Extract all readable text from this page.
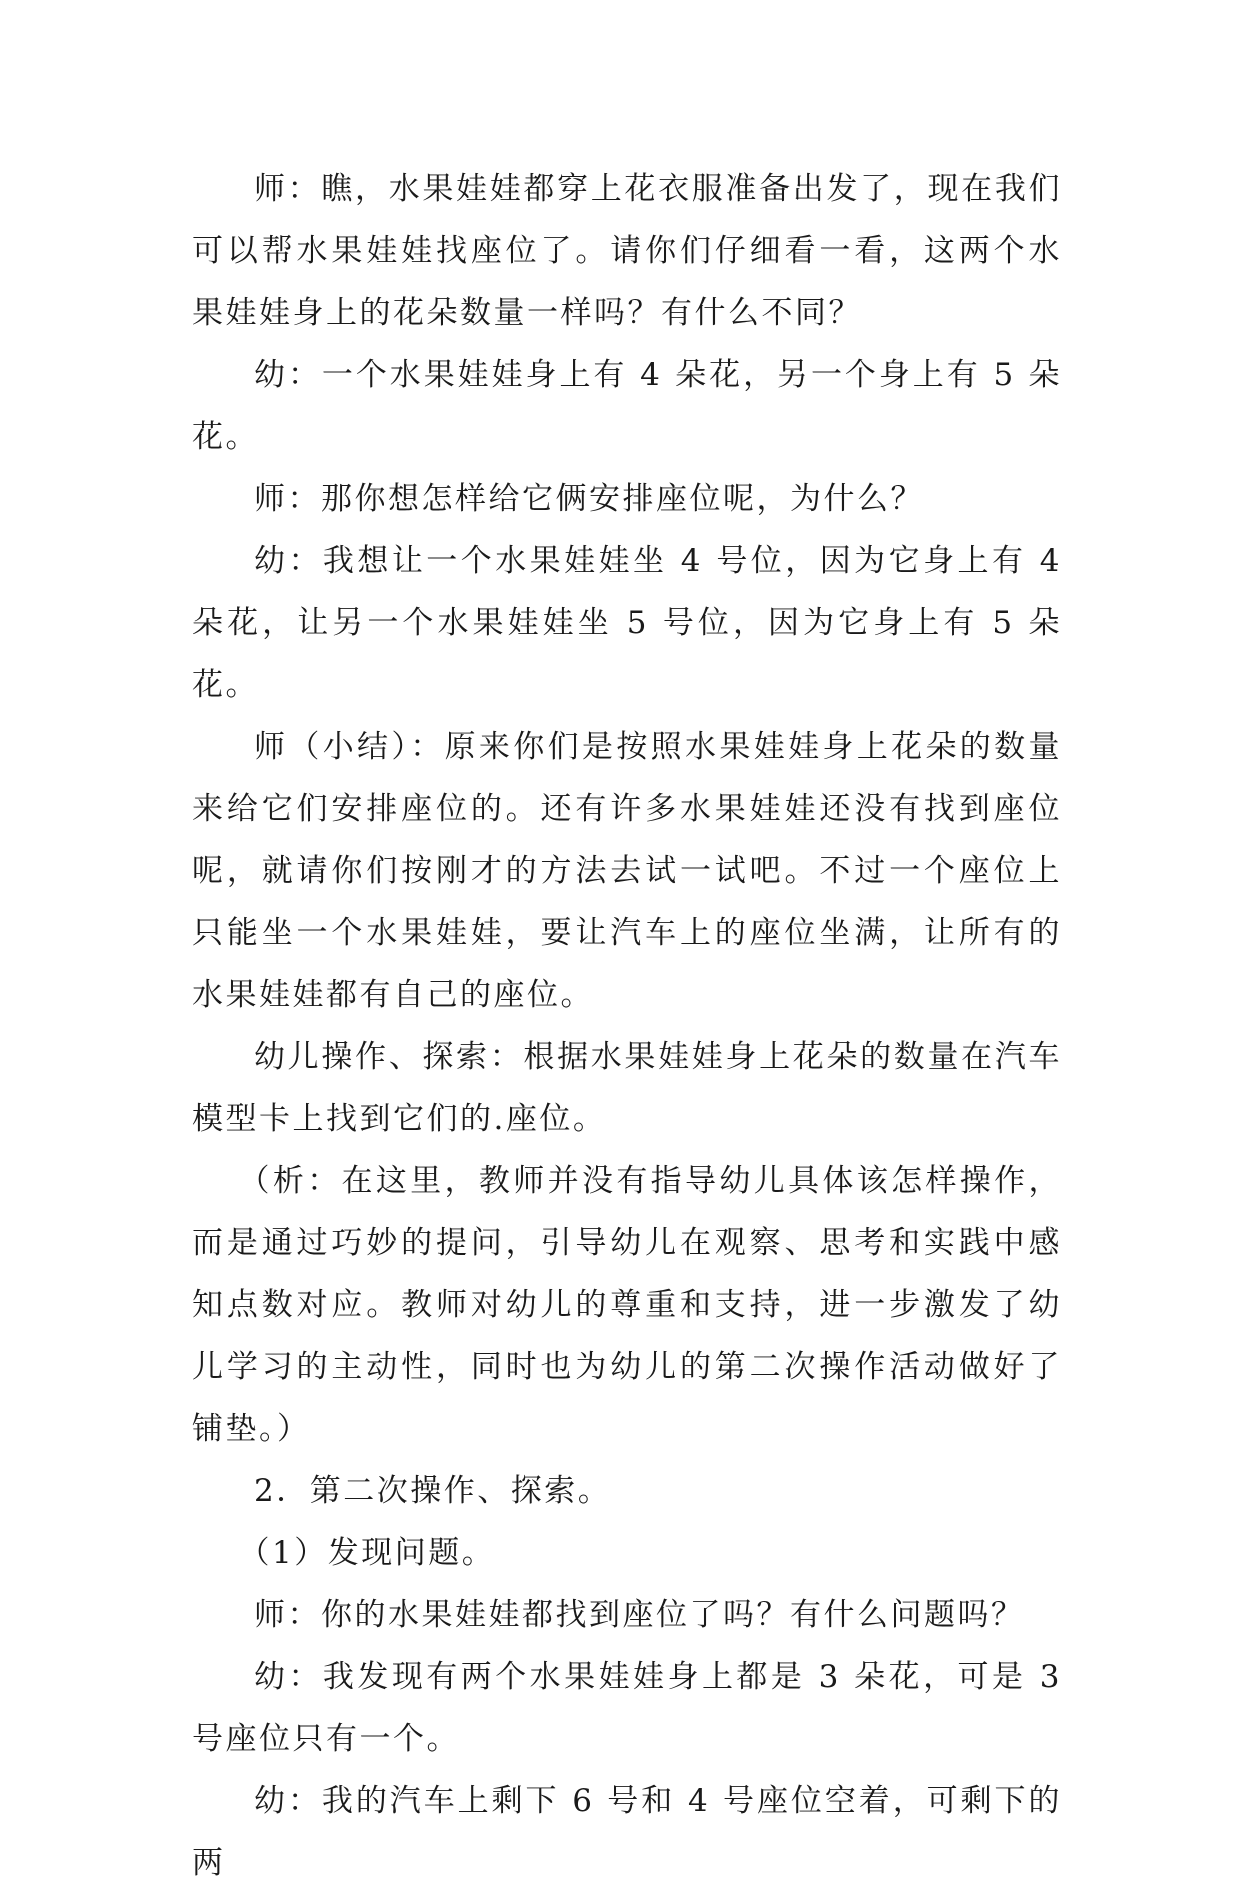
师：瞧，水果娃娃都穿上花衣服准备出发了，现在我们可以帮水果娃娃找座位了。请你们仔细看一看，这两个水果娃娃身上的花朵数量一样吗？有什么不同？

幼：一个水果娃娃身上有 4 朵花，另一个身上有 5 朵花。

师：那你想怎样给它俩安排座位呢，为什么？

幼：我想让一个水果娃娃坐 4 号位，因为它身上有 4 朵花，让另一个水果娃娃坐 5 号位，因为它身上有 5 朵花。

师（小结）：原来你们是按照水果娃娃身上花朵的数量来给它们安排座位的。还有许多水果娃娃还没有找到座位呢，就请你们按刚才的方法去试一试吧。不过一个座位上只能坐一个水果娃娃，要让汽车上的座位坐满，让所有的水果娃娃都有自己的座位。

幼儿操作、探索：根据水果娃娃身上花朵的数量在汽车模型卡上找到它们的.座位。

（析：在这里，教师并没有指导幼儿具体该怎样操作，而是通过巧妙的提问，引导幼儿在观察、思考和实践中感知点数对应。教师对幼儿的尊重和支持，进一步激发了幼儿学习的主动性，同时也为幼儿的第二次操作活动做好了铺垫。）

2．第二次操作、探索。

（1）发现问题。

师：你的水果娃娃都找到座位了吗？有什么问题吗？

幼：我发现有两个水果娃娃身上都是 3 朵花，可是 3 号座位只有一个。

幼：我的汽车上剩下 6 号和 4 号座位空着，可剩下的两
